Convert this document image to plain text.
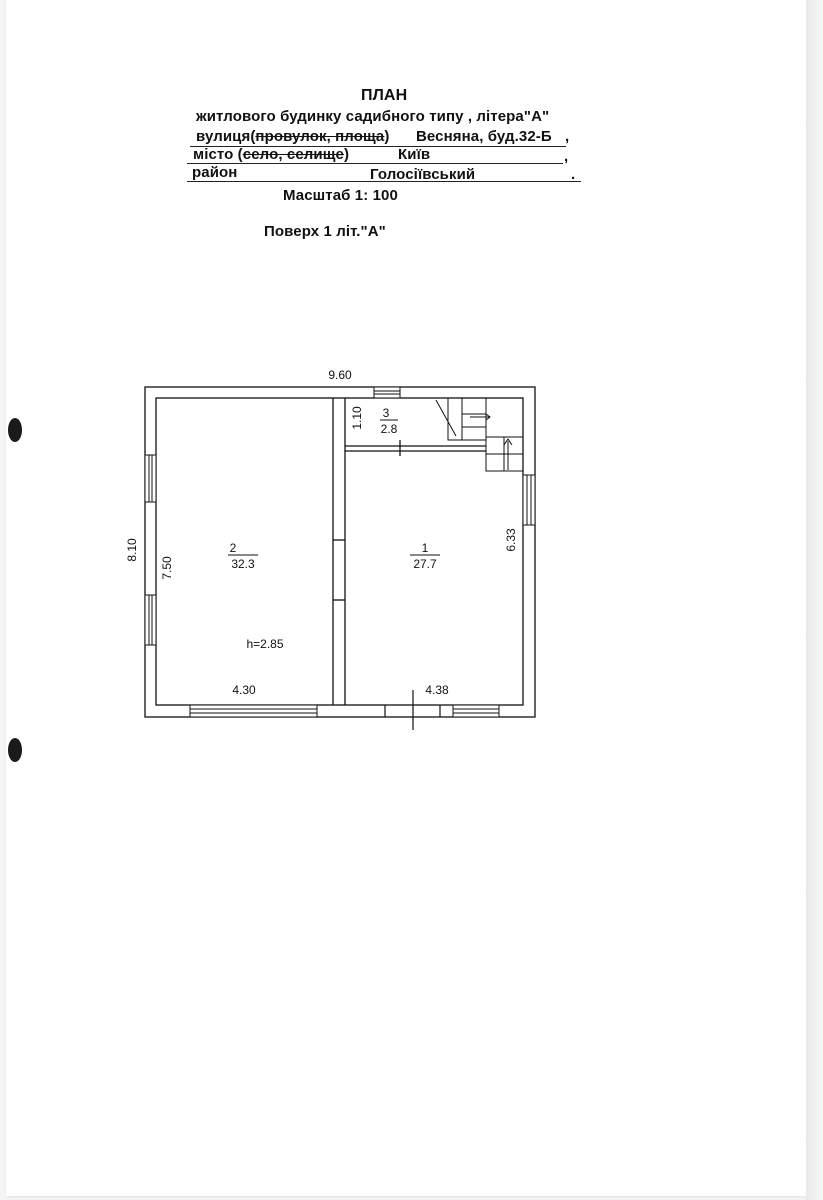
ПЛАН
житлового будинку садибного типу , літера"А"
вулиця(провулок, площа) Весняна, буд.32-Б ,
місто (село, селище)	Київ	,
район	Голосіївський	.
Масштаб 1: 100
Поверх 1 літ."А"
9.60
8.10
7.50
1.10
6.33
4.30	4.38
h=2.85
1
27.7
2
32.3
3
2.8
